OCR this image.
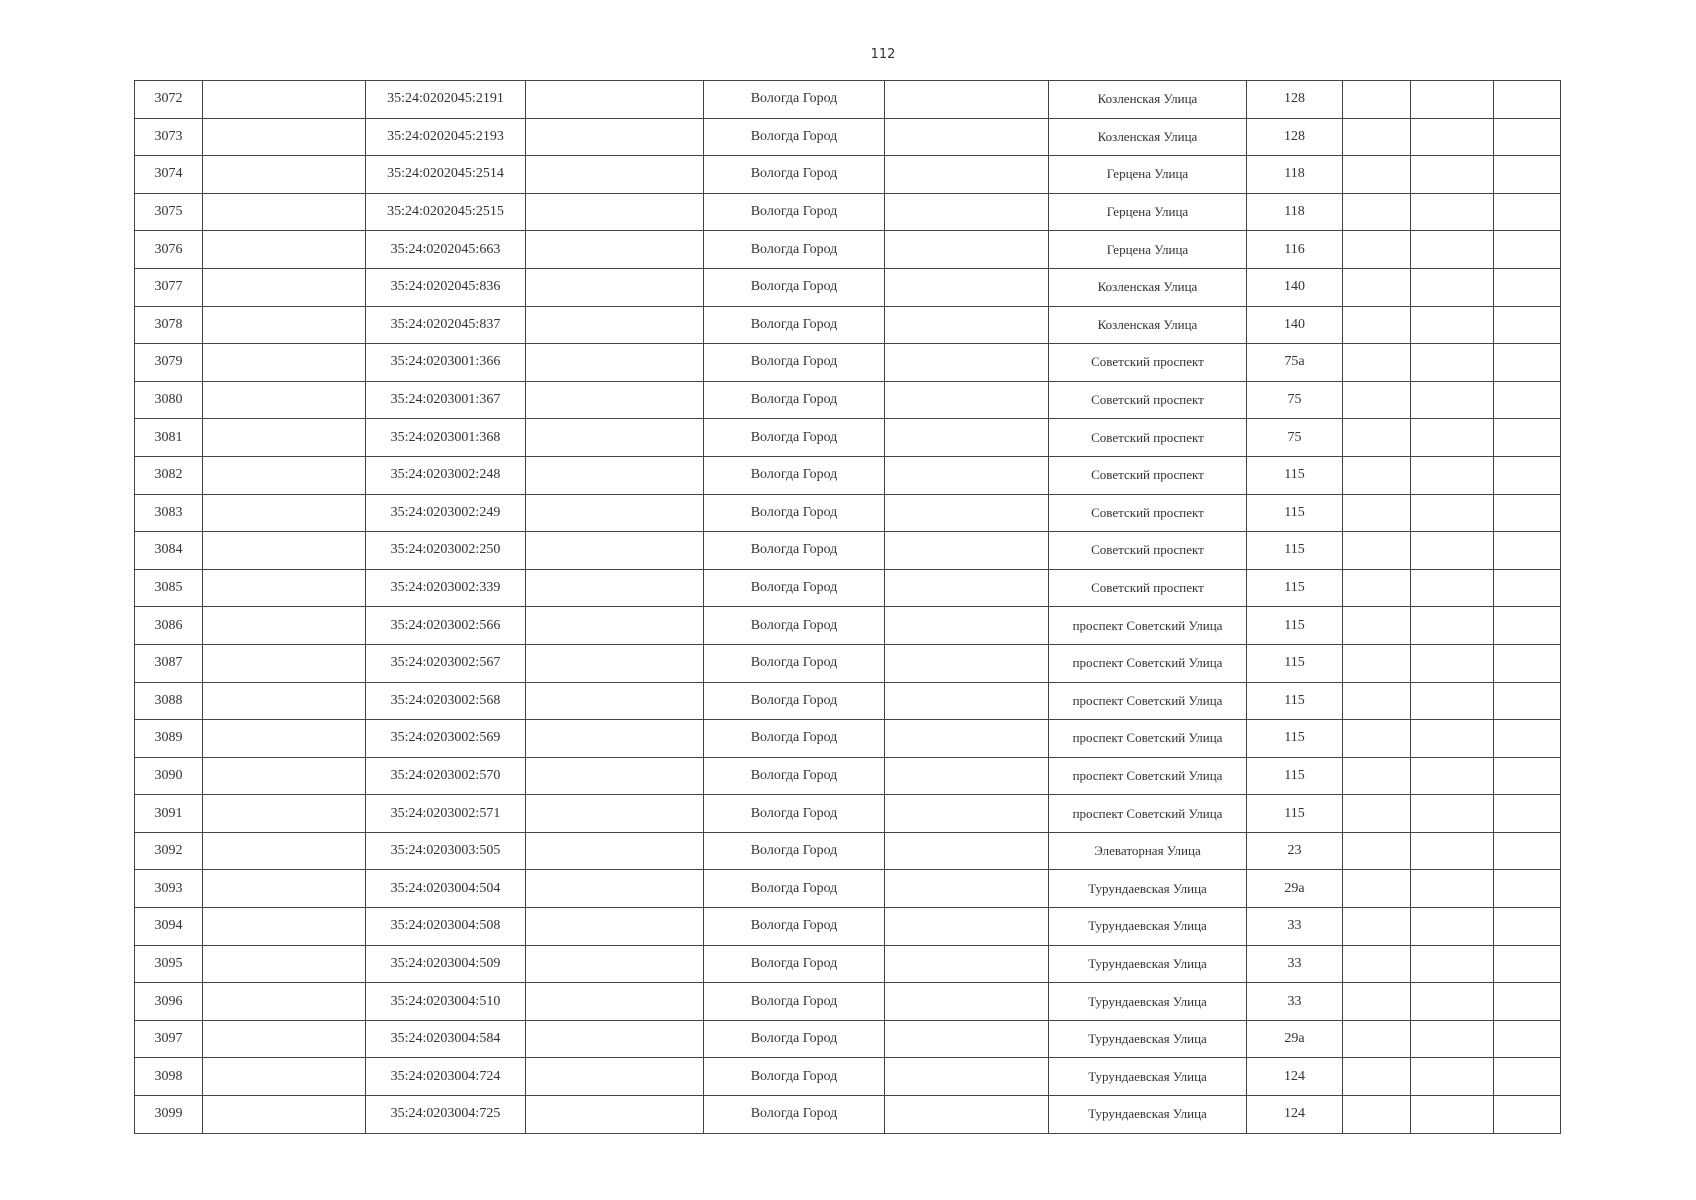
112
3072		35:24:0202045:2191		Вологда Город		Козленская Улица	128			
3073		35:24:0202045:2193		Вологда Город		Козленская Улица	128			
3074		35:24:0202045:2514		Вологда Город		Герцена Улица	118			
3075		35:24:0202045:2515		Вологда Город		Герцена Улица	118			
3076		35:24:0202045:663		Вологда Город		Герцена Улица	116			
3077		35:24:0202045:836		Вологда Город		Козленская Улица	140			
3078		35:24:0202045:837		Вологда Город		Козленская Улица	140			
3079		35:24:0203001:366		Вологда Город		Советский проспект	75а			
3080		35:24:0203001:367		Вологда Город		Советский проспект	75			
3081		35:24:0203001:368		Вологда Город		Советский проспект	75			
3082		35:24:0203002:248		Вологда Город		Советский проспект	115			
3083		35:24:0203002:249		Вологда Город		Советский проспект	115			
3084		35:24:0203002:250		Вологда Город		Советский проспект	115			
3085		35:24:0203002:339		Вологда Город		Советский проспект	115			
3086		35:24:0203002:566		Вологда Город		проспект Советский Улица	115			
3087		35:24:0203002:567		Вологда Город		проспект Советский Улица	115			
3088		35:24:0203002:568		Вологда Город		проспект Советский Улица	115			
3089		35:24:0203002:569		Вологда Город		проспект Советский Улица	115			
3090		35:24:0203002:570		Вологда Город		проспект Советский Улица	115			
3091		35:24:0203002:571		Вологда Город		проспект Советский Улица	115			
3092		35:24:0203003:505		Вологда Город		Элеваторная Улица	23			
3093		35:24:0203004:504		Вологда Город		Турундаевская Улица	29а			
3094		35:24:0203004:508		Вологда Город		Турундаевская Улица	33			
3095		35:24:0203004:509		Вологда Город		Турундаевская Улица	33			
3096		35:24:0203004:510		Вологда Город		Турундаевская Улица	33			
3097		35:24:0203004:584		Вологда Город		Турундаевская Улица	29а			
3098		35:24:0203004:724		Вологда Город		Турундаевская Улица	124			
3099		35:24:0203004:725		Вологда Город		Турундаевская Улица	124			
